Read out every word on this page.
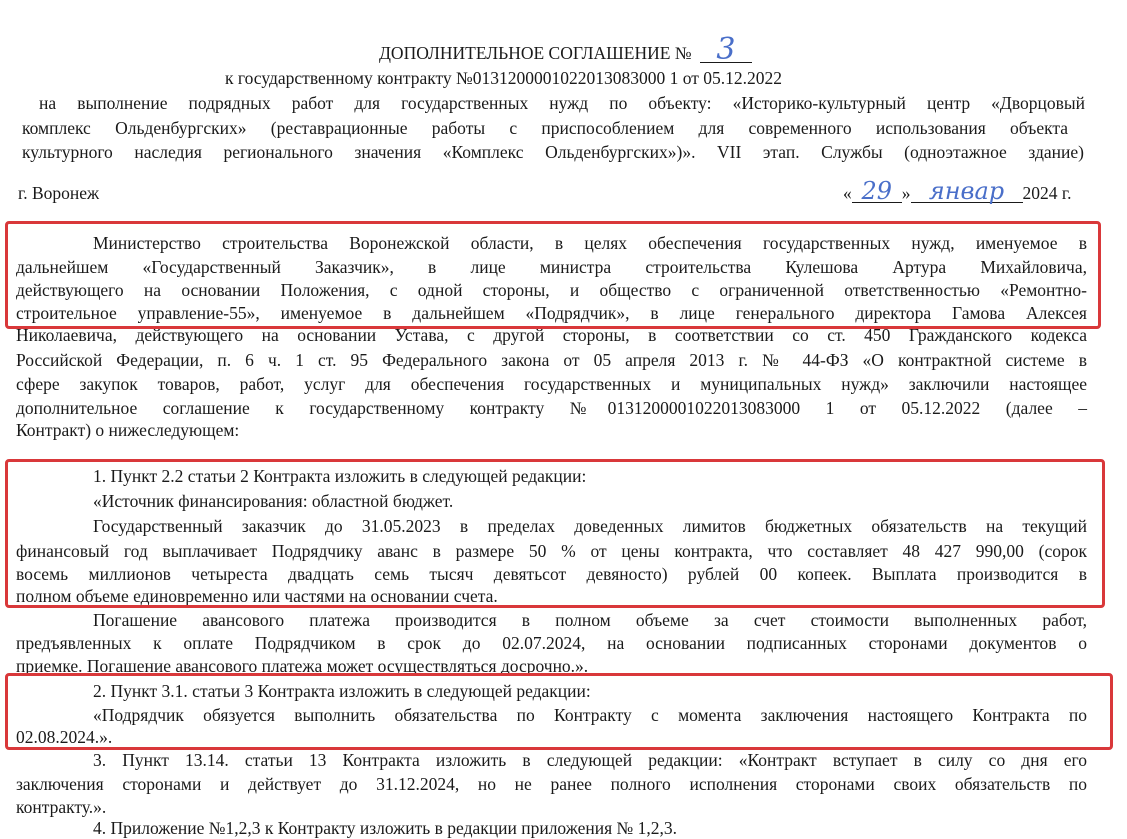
ДОПОЛНИТЕЛЬНОЕ СОГЛАШЕНИЕ № 3
к государственному контракту №0131200001022013083000 1 от 05.12.2022
на выполнение подрядных работ для государственных нужд по объекту: «Историко-культурный центр «Дворцовый
комплекс Ольденбургских» (реставрационные работы с приспособлением для современного использования объекта
культурного наследия регионального значения «Комплекс Ольденбургских»)». VII этап. Службы (одноэтажное здание)
г. Воронеж	« 29 » январ 2024 г.
Министерство строительства Воронежской области, в целях обеспечения государственных нужд, именуемое в
дальнейшем «Государственный Заказчик», в лице министра строительства Кулешова Артура Михайловича,
действующего на основании Положения, с одной стороны, и общество с ограниченной ответственностью «Ремонтно-
строительное управление-55», именуемое в дальнейшем «Подрядчик», в лице генерального директора Гамова Алексея
Николаевича, действующего на основании Устава, с другой стороны, в соответствии со ст. 450 Гражданского кодекса
Российской Федерации, п. 6 ч. 1 ст. 95 Федерального закона от 05 апреля 2013 г. № 44-ФЗ «О контрактной системе в
сфере закупок товаров, работ, услуг для обеспечения государственных и муниципальных нужд» заключили настоящее
дополнительное соглашение к государственному контракту №0131200001022013083000 1 от 05.12.2022 (далее –
Контракт) о нижеследующем:
1. Пункт 2.2 статьи 2 Контракта изложить в следующей редакции:
«Источник финансирования: областной бюджет.
Государственный заказчик до 31.05.2023 в пределах доведенных лимитов бюджетных обязательств на текущий
финансовый год выплачивает Подрядчику аванс в размере 50 % от цены контракта, что составляет 48 427 990,00 (сорок
восемь миллионов четыреста двадцать семь тысяч девятьсот девяносто) рублей 00 копеек. Выплата производится в
полном объеме единовременно или частями на основании счета.
Погашение авансового платежа производится в полном объеме за счет стоимости выполненных работ,
предъявленных к оплате Подрядчиком в срок до 02.07.2024, на основании подписанных сторонами документов о
приемке. Погашение авансового платежа может осуществляться досрочно.».
2. Пункт 3.1. статьи 3 Контракта изложить в следующей редакции:
«Подрядчик обязуется выполнить обязательства по Контракту с момента заключения настоящего Контракта по
02.08.2024.».
3. Пункт 13.14. статьи 13 Контракта изложить в следующей редакции: «Контракт вступает в силу со дня его
заключения сторонами и действует до 31.12.2024, но не ранее полного исполнения сторонами своих обязательств по
контракту.».
4. Приложение №1,2,3 к Контракту изложить в редакции приложения № 1,2,3.
